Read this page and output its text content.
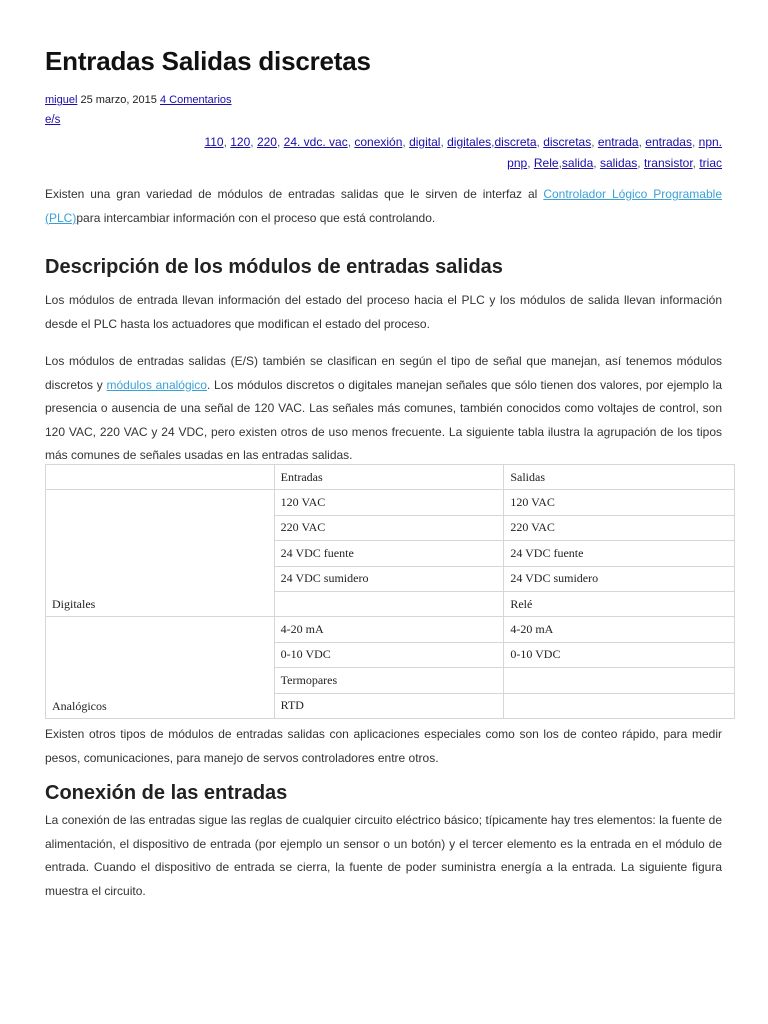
Entradas Salidas discretas
miguel 25 marzo, 2015 4 Comentarios
e/s
110, 120, 220, 24. vdc. vac, conexión, digital, digitales,discreta, discretas, entrada, entradas, npn.
pnp, Rele,salida, salidas, transistor, triac
Existen una gran variedad de módulos de entradas salidas que le sirven de interfaz al Controlador Lógico Programable (PLC)para intercambiar información con el proceso que está controlando.
Descripción de los módulos de entradas salidas
Los módulos de entrada llevan información del estado del proceso hacia el PLC y los módulos de salida llevan información desde el PLC hasta los actuadores que modifican el estado del proceso.
Los módulos de entradas salidas (E/S) también se clasifican en según el tipo de señal que manejan, así tenemos módulos discretos y módulos analógico. Los módulos discretos o digitales manejan señales que sólo tienen dos valores, por ejemplo la presencia o ausencia de una señal de 120 VAC. Las señales más comunes, también conocidos como voltajes de control, son 120 VAC, 220 VAC y 24 VDC, pero existen otros de uso menos frecuente. La siguiente tabla ilustra la agrupación de los tipos más comunes de señales usadas en las entradas salidas.
	Entradas	Salidas
Digitales	120 VAC	120 VAC
	220 VAC	220 VAC
	24 VDC fuente	24 VDC fuente
	24 VDC sumidero	24 VDC sumidero
		Relé
Analógicos	4-20 mA	4-20 mA
	0-10 VDC	0-10 VDC
	Termopares	
	RTD	
Existen otros tipos de módulos de entradas salidas con aplicaciones especiales como son los de conteo rápido, para medir pesos, comunicaciones, para manejo de servos controladores entre otros.
Conexión de las entradas
La conexión de las entradas sigue las reglas de cualquier circuito eléctrico básico; típicamente hay tres elementos: la fuente de alimentación, el dispositivo de entrada (por ejemplo un sensor o un botón) y el tercer elemento es la entrada en el módulo de entrada. Cuando el dispositivo de entrada se cierra, la fuente de poder suministra energía a la entrada. La siguiente figura muestra el circuito.
